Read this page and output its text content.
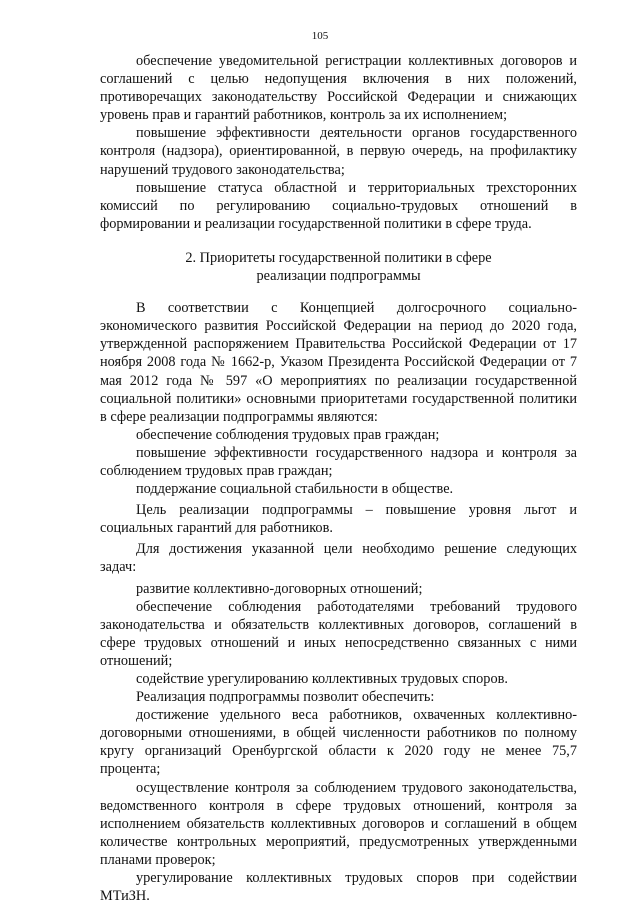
105

обеспечение уведомительной регистрации коллективных договоров и соглашений с целью недопущения включения в них положений, противоречащих законодательству Российской Федерации и снижающих уровень прав и гарантий работников, контроль за их исполнением;

повышение эффективности деятельности органов государственного контроля (надзора), ориентированной, в первую очередь, на профилактику нарушений трудового законодательства;

повышение статуса областной и территориальных трехсторонних комиссий по регулированию социально-трудовых отношений в формировании и реализации государственной политики в сфере труда.

2. Приоритеты государственной политики в сфере
реализации подпрограммы

В соответствии с Концепцией долгосрочного социально-экономического развития Российской Федерации на период до 2020 года, утвержденной распоряжением Правительства Российской Федерации от 17 ноября 2008 года № 1662-р, Указом Президента Российской Федерации от 7 мая 2012 года № 597 «О мероприятиях по реализации государственной социальной политики» основными приоритетами государственной политики в сфере реализации подпрограммы являются:

обеспечение соблюдения трудовых прав граждан;

повышение эффективности государственного надзора и контроля за соблюдением трудовых прав граждан;

поддержание социальной стабильности в обществе.

Цель реализации подпрограммы – повышение уровня льгот и социальных гарантий для работников.

Для достижения указанной цели необходимо решение следующих задач:

развитие коллективно-договорных отношений;

обеспечение соблюдения работодателями требований трудового законодательства и обязательств коллективных договоров, соглашений в сфере трудовых отношений и иных непосредственно связанных с ними отношений;

содействие урегулированию коллективных трудовых споров.

Реализация подпрограммы позволит обеспечить:

достижение удельного веса работников, охваченных коллективно-договорными отношениями, в общей численности работников по полному кругу организаций Оренбургской области к 2020 году не менее 75,7 процента;

осуществление контроля за соблюдением трудового законодательства, ведомственного контроля в сфере трудовых отношений, контроля за исполнением обязательств коллективных договоров и соглашений в общем количестве контрольных мероприятий, предусмотренных утвержденными планами проверок;

урегулирование коллективных трудовых споров при содействии МТиЗН.
